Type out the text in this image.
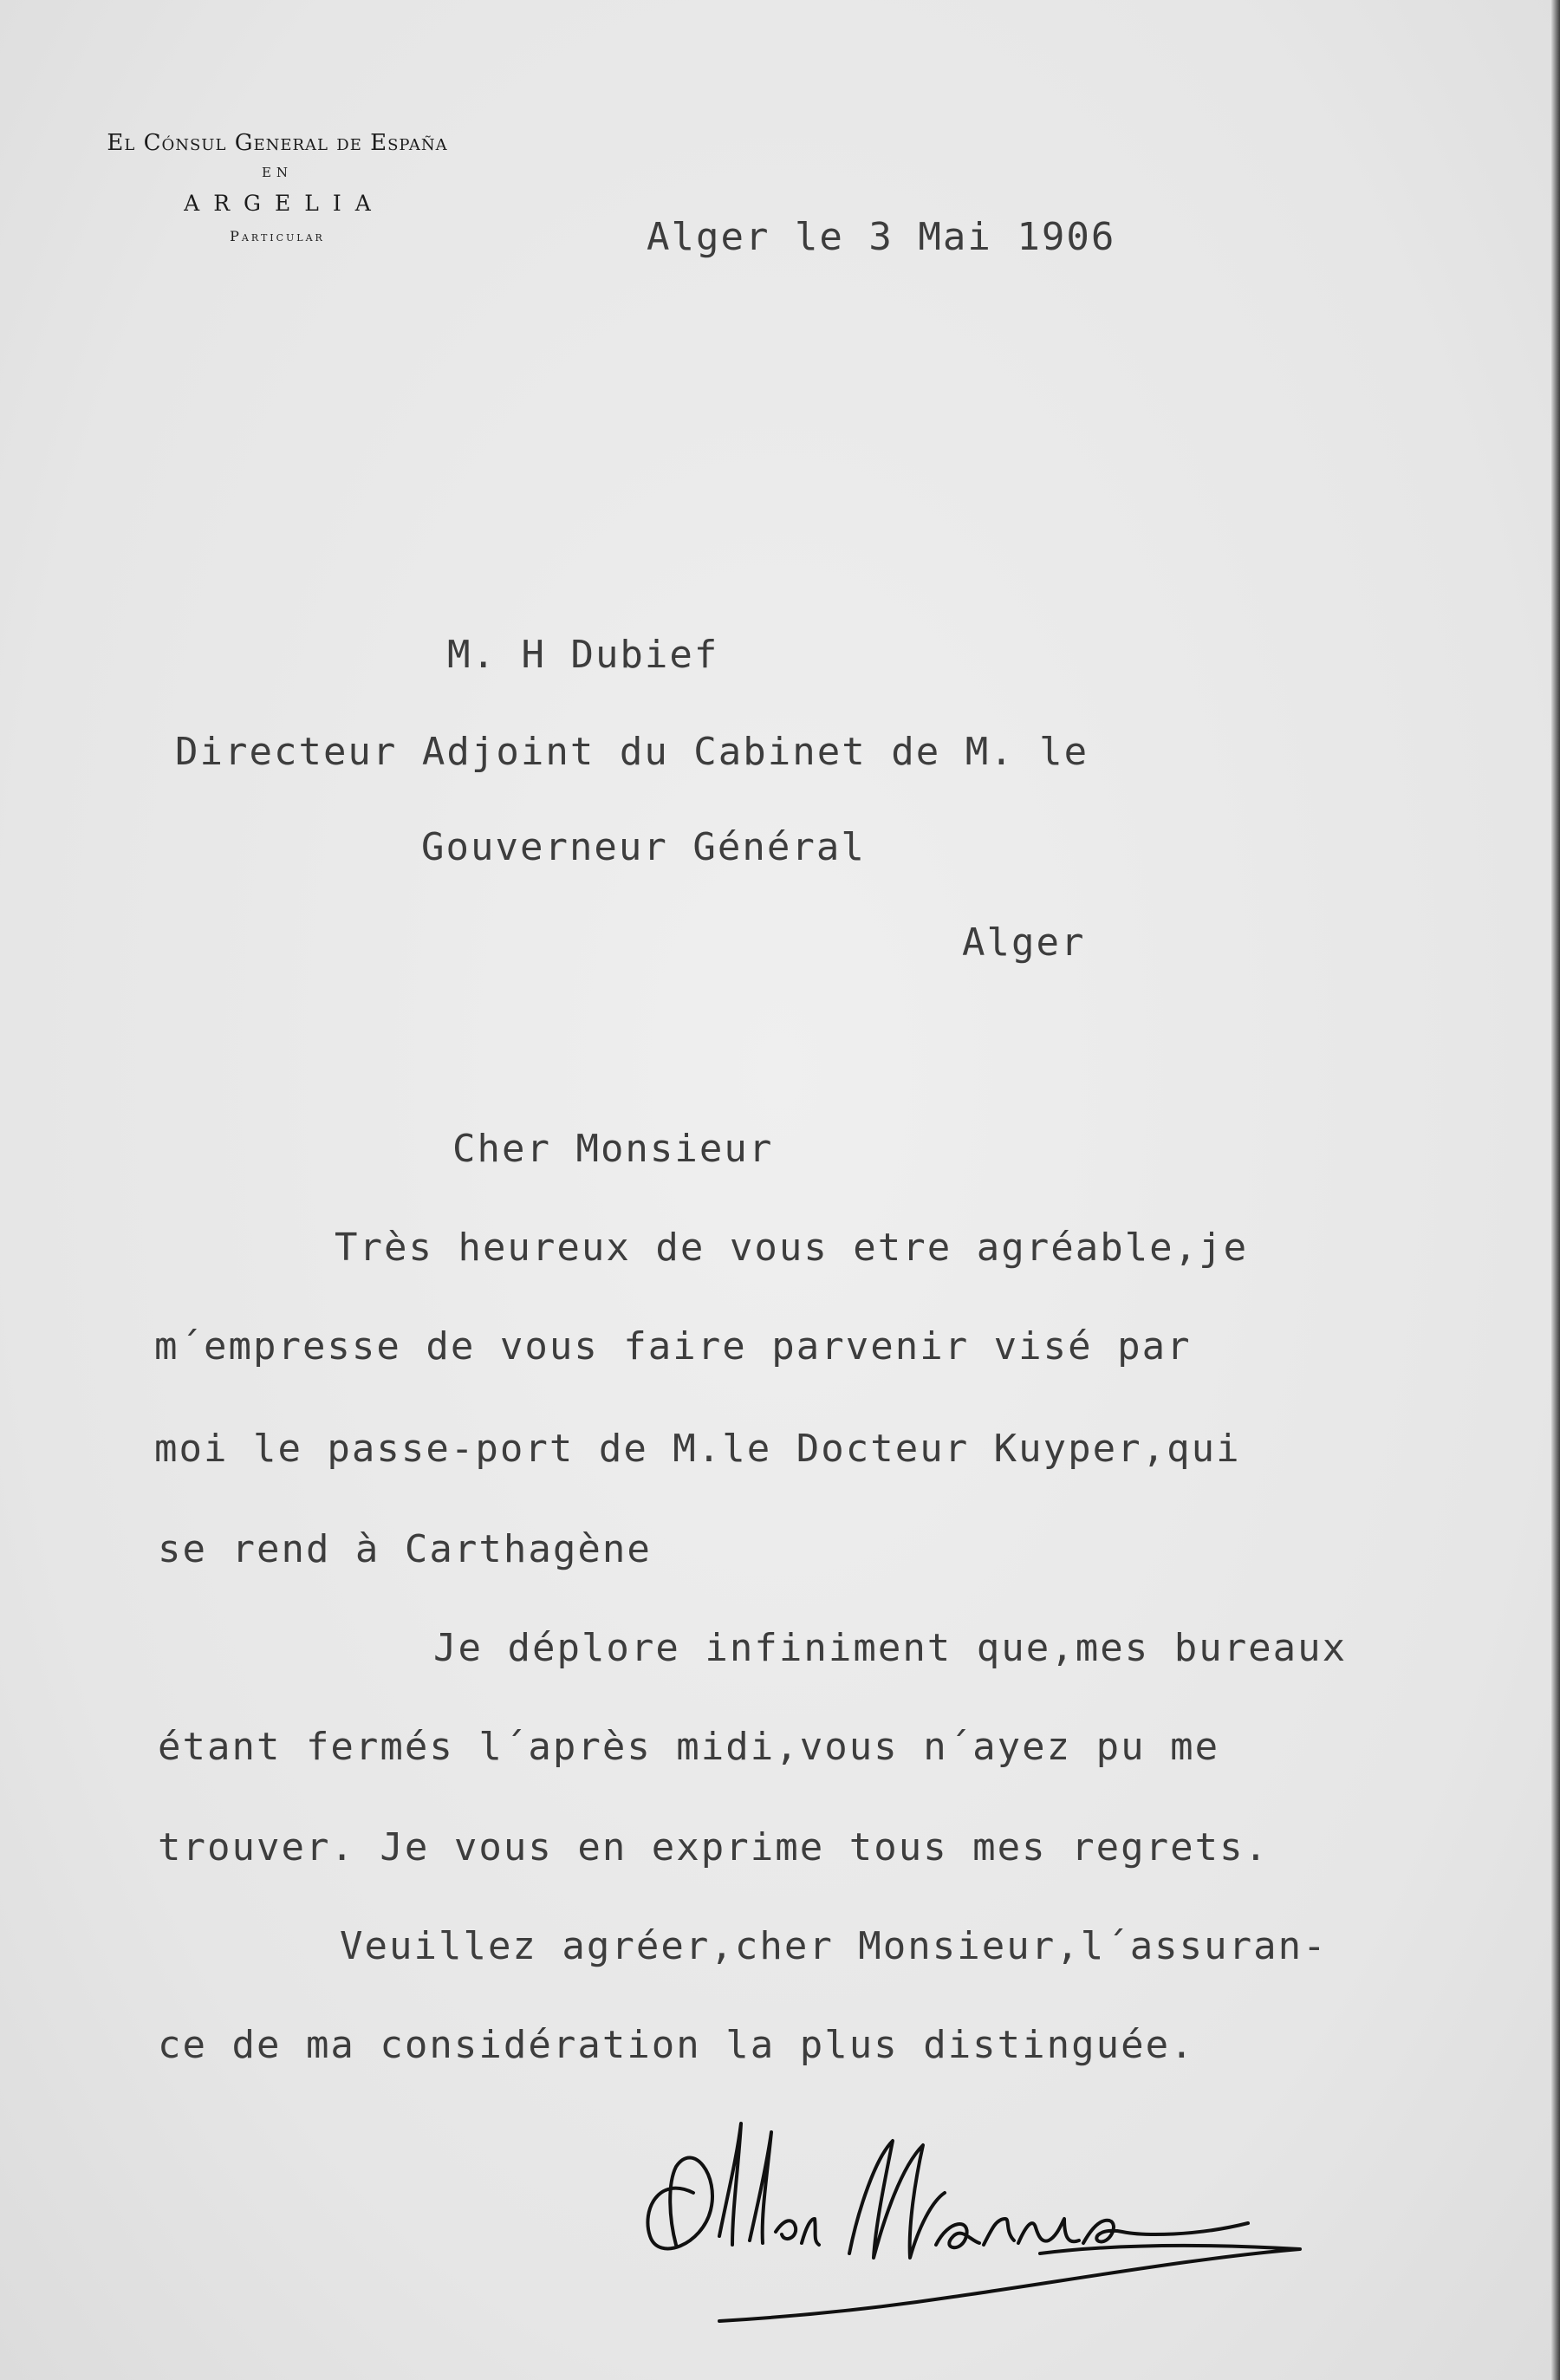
El Cónsul General de España
EN
ARGELIA
Particular	Alger le 3 Mai 1906
M. H Dubief
Directeur Adjoint du Cabinet de M. le
Gouverneur Général
Alger
Cher Monsieur
Très heureux de vous etre agréable,je
m´empresse de vous faire parvenir visé par
moi le passe-port de M.le Docteur Kuyper,qui
se rend à Carthagène
Je déplore infiniment que,mes bureaux
étant fermés l´après midi,vous n´ayez pu me
trouver. Je vous en exprime tous mes regrets.
Veuillez agréer,cher Monsieur,l´assuran-
ce de ma considération la plus distinguée.
